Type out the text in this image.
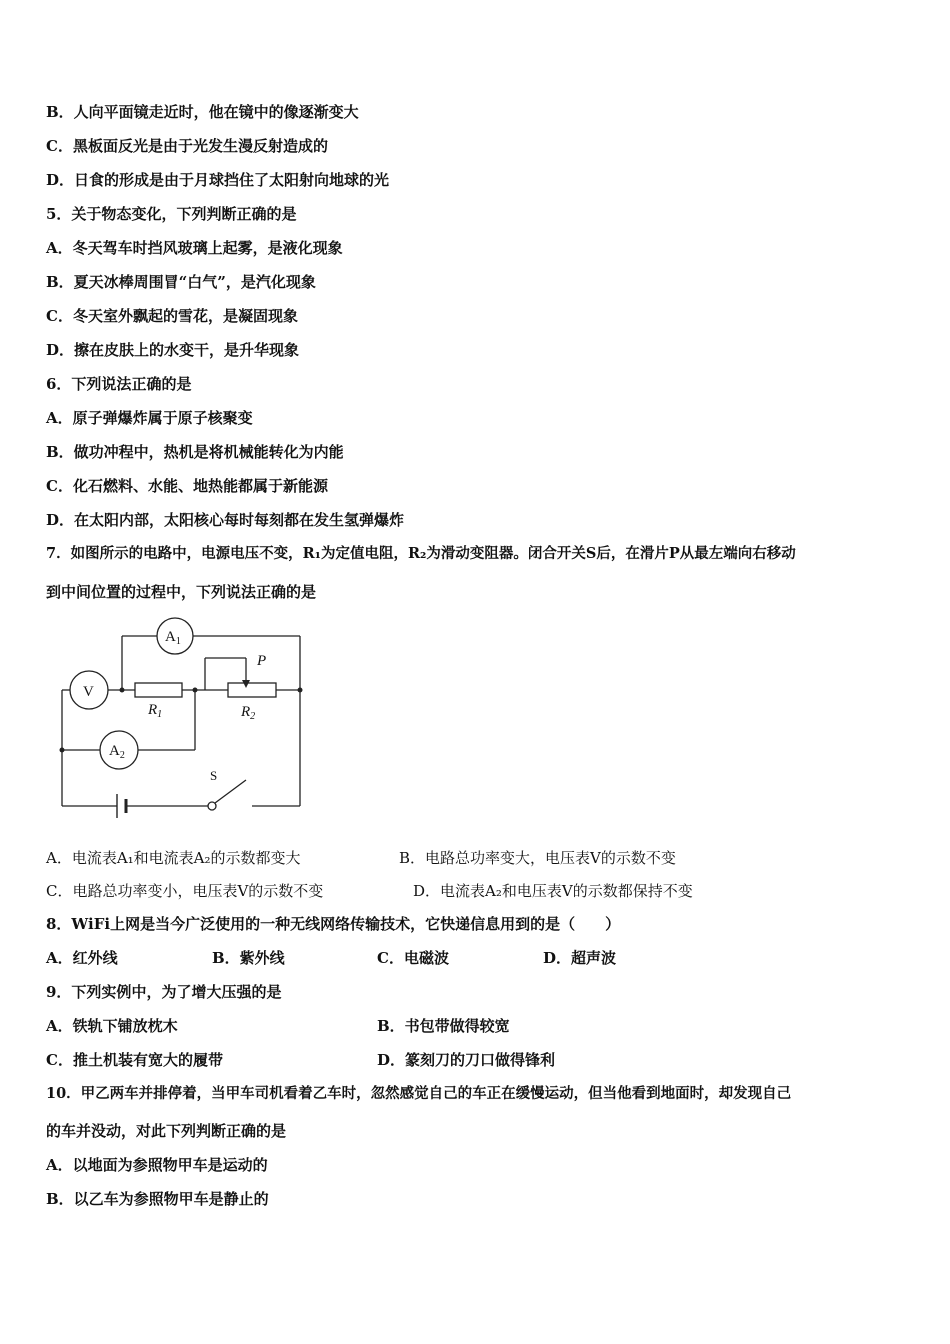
B．人向平面镜走近时，他在镜中的像逐渐变大
C．黑板面反光是由于光发生漫反射造成的
D．日食的形成是由于月球挡住了太阳射向地球的光
5．关于物态变化，下列判断正确的是
A．冬天驾车时挡风玻璃上起雾，是液化现象
B．夏天冰棒周围冒“白气”，是汽化现象
C．冬天室外飘起的雪花，是凝固现象
D．擦在皮肤上的水变干，是升华现象
6．下列说法正确的是
A．原子弹爆炸属于原子核聚变
B．做功冲程中，热机是将机械能转化为内能
C．化石燃料、水能、地热能都属于新能源
D．在太阳内部，太阳核心每时每刻都在发生氢弹爆炸
7．如图所示的电路中，电源电压不变，R₁为定值电阻，R₂为滑动变阻器。闭合开关S后，在滑片P从最左端向右移动
到中间位置的过程中，下列说法正确的是
$A_1$
V
$A_2$
P
$R_1$	$R_2$
S
A．电流表A₁和电流表A₂的示数都变大	B．电路总功率变大，电压表V的示数不变
C．电路总功率变小，电压表V的示数不变	D．电流表A₂和电压表V的示数都保持不变
8．WiFi上网是当今广泛使用的一种无线网络传输技术，它快递信息用到的是（　　）
A．红外线	B．紫外线	C．电磁波	D．超声波
9．下列实例中，为了增大压强的是
A．铁轨下铺放枕木	B．书包带做得较宽
C．推土机装有宽大的履带	D．篆刻刀的刀口做得锋利
10．甲乙两车并排停着，当甲车司机看着乙车时，忽然感觉自己的车正在缓慢运动，但当他看到地面时，却发现自己
的车并没动，对此下列判断正确的是
A．以地面为参照物甲车是运动的
B．以乙车为参照物甲车是静止的
